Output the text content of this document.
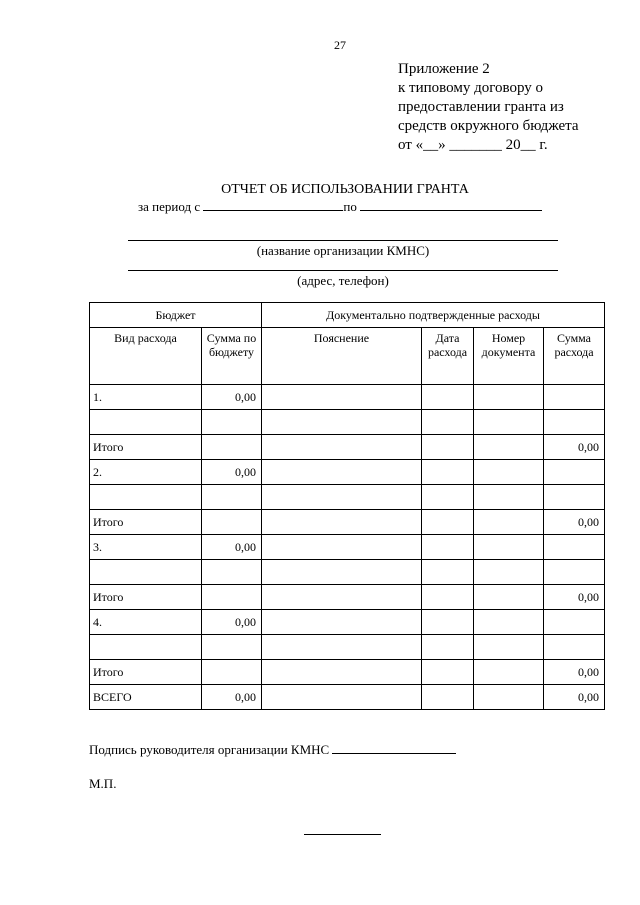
27
Приложение 2
к типовому договору о
предоставлении гранта из
средств окружного бюджета
от «__» _______ 20__ г.
ОТЧЕТ ОБ ИСПОЛЬЗОВАНИИ ГРАНТА
за период с	по
(название организации КМНС)
(адрес, телефон)
Бюджет		Документально подтвержденные расходы			
Вид расхода	Сумма по бюджету	Пояснение	Дата расхода	Номер документа	Сумма расхода
1.	0,00				

Итого					0,00
2.	0,00				

Итого					0,00
3.	0,00				

Итого					0,00
4.	0,00				

Итого					0,00
ВСЕГО	0,00				0,00
Подпись руководителя организации КМНС
М.П.
